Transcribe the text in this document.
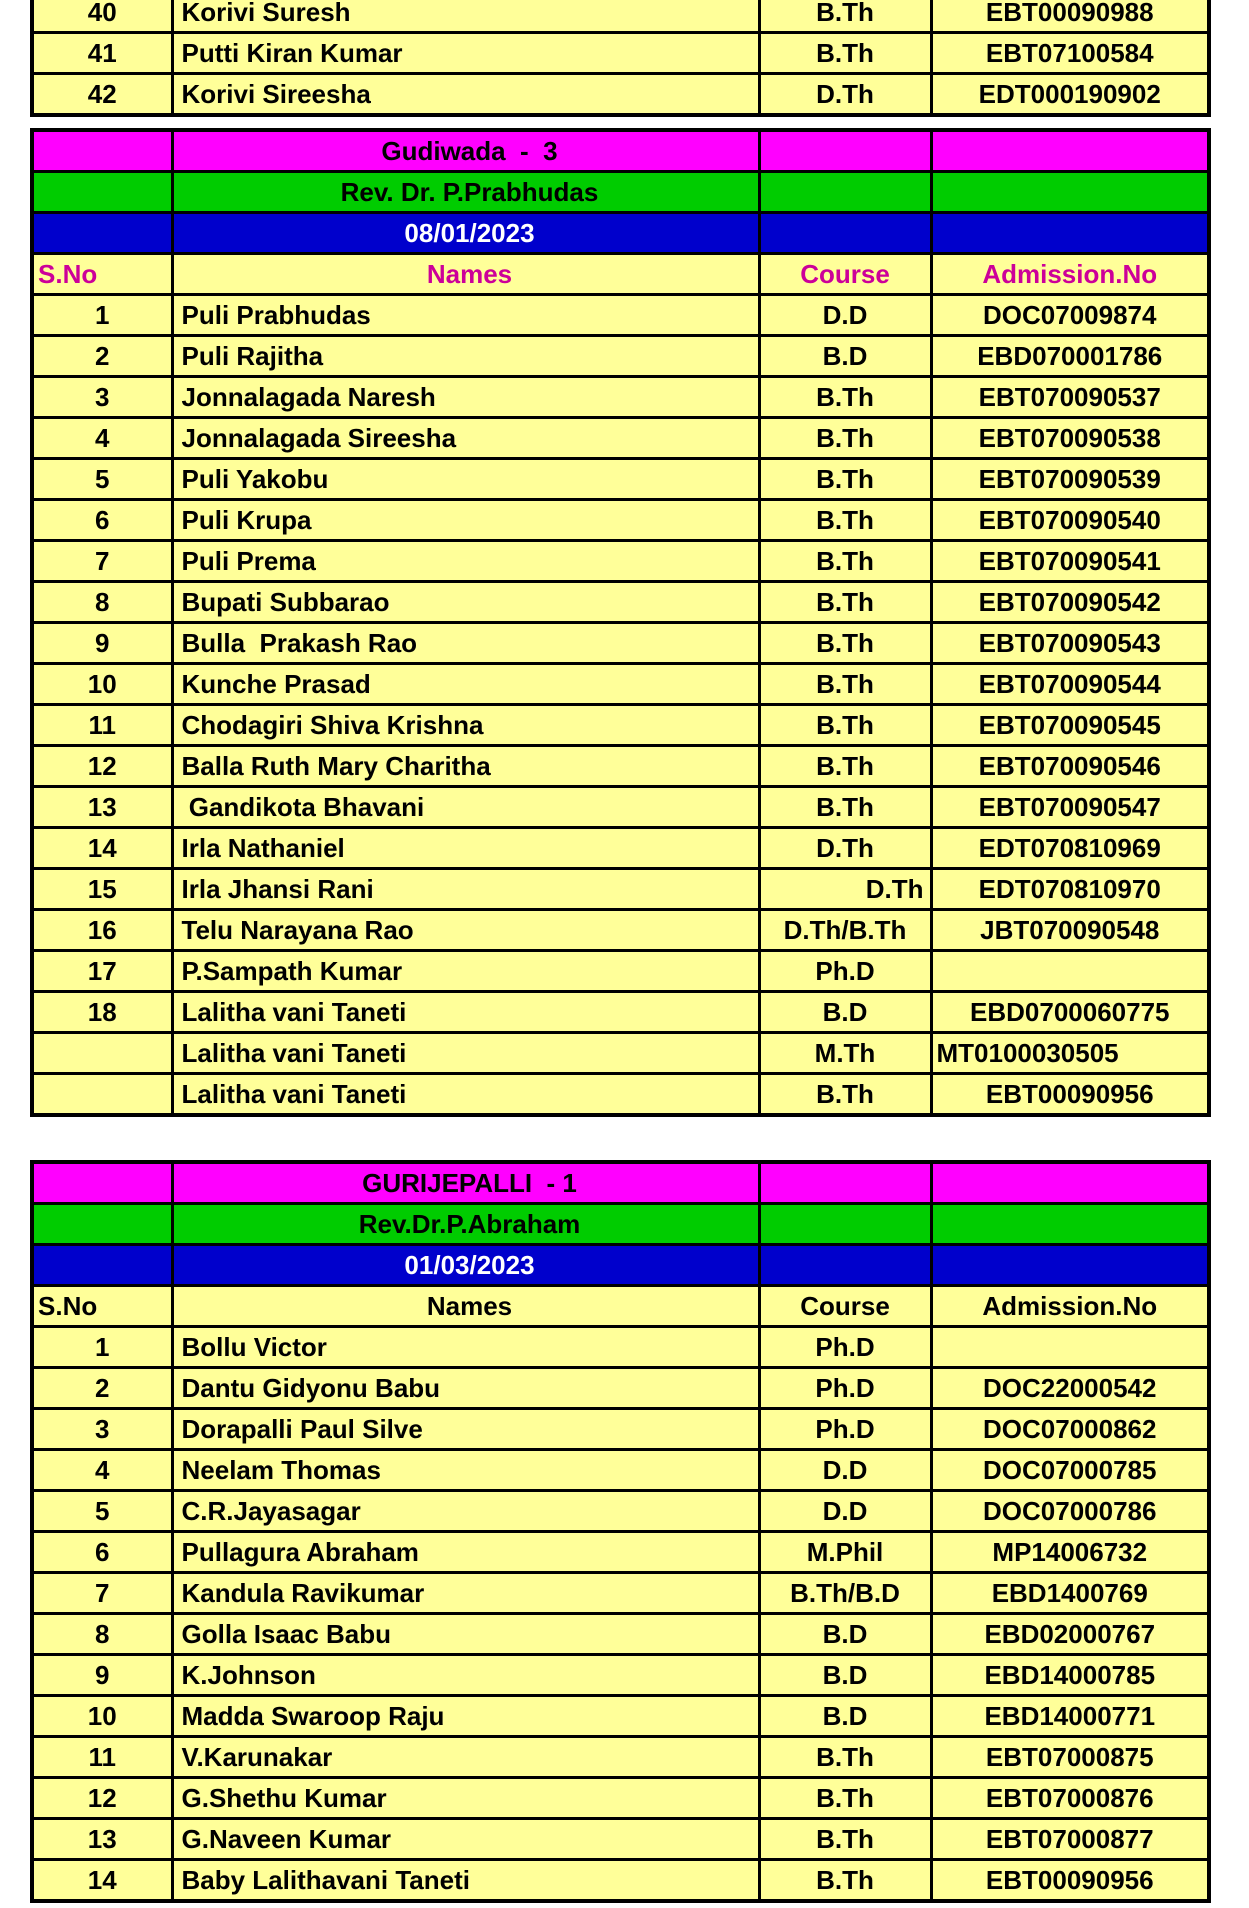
40	Korivi Suresh	B.Th	EBT00090988
41	Putti Kiran Kumar	B.Th	EBT07100584
42	Korivi Sireesha	D.Th	EDT000190902
	Gudiwada  -  3		
	Rev. Dr. P.Prabhudas		
	08/01/2023		
S.No	Names	Course	Admission.No
1	Puli Prabhudas	D.D	DOC07009874
2	Puli Rajitha	B.D	EBD070001786
3	Jonnalagada Naresh	B.Th	EBT070090537
4	Jonnalagada Sireesha	B.Th	EBT070090538
5	Puli Yakobu	B.Th	EBT070090539
6	Puli Krupa	B.Th	EBT070090540
7	Puli Prema	B.Th	EBT070090541
8	Bupati Subbarao	B.Th	EBT070090542
9	Bulla  Prakash Rao	B.Th	EBT070090543
10	Kunche Prasad	B.Th	EBT070090544
11	Chodagiri Shiva Krishna	B.Th	EBT070090545
12	Balla Ruth Mary Charitha	B.Th	EBT070090546
13	Gandikota Bhavani	B.Th	EBT070090547
14	Irla Nathaniel	D.Th	EDT070810969
15	Irla Jhansi Rani	D.Th	EDT070810970
16	Telu Narayana Rao	D.Th/B.Th	JBT070090548
17	P.Sampath Kumar	Ph.D	
18	Lalitha vani Taneti	B.D	EBD0700060775
	Lalitha vani Taneti	M.Th	MT0100030505
	Lalitha vani Taneti	B.Th	EBT00090956
	GURIJEPALLI  - 1		
	Rev.Dr.P.Abraham		
	01/03/2023		
S.No	Names	Course	Admission.No
1	Bollu Victor	Ph.D	
2	Dantu Gidyonu Babu	Ph.D	DOC22000542
3	Dorapalli Paul Silve	Ph.D	DOC07000862
4	Neelam Thomas	D.D	DOC07000785
5	C.R.Jayasagar	D.D	DOC07000786
6	Pullagura Abraham	M.Phil	MP14006732
7	Kandula Ravikumar	B.Th/B.D	EBD1400769
8	Golla Isaac Babu	B.D	EBD02000767
9	K.Johnson	B.D	EBD14000785
10	Madda Swaroop Raju	B.D	EBD14000771
11	V.Karunakar	B.Th	EBT07000875
12	G.Shethu Kumar	B.Th	EBT07000876
13	G.Naveen Kumar	B.Th	EBT07000877
14	Baby Lalithavani Taneti	B.Th	EBT00090956
